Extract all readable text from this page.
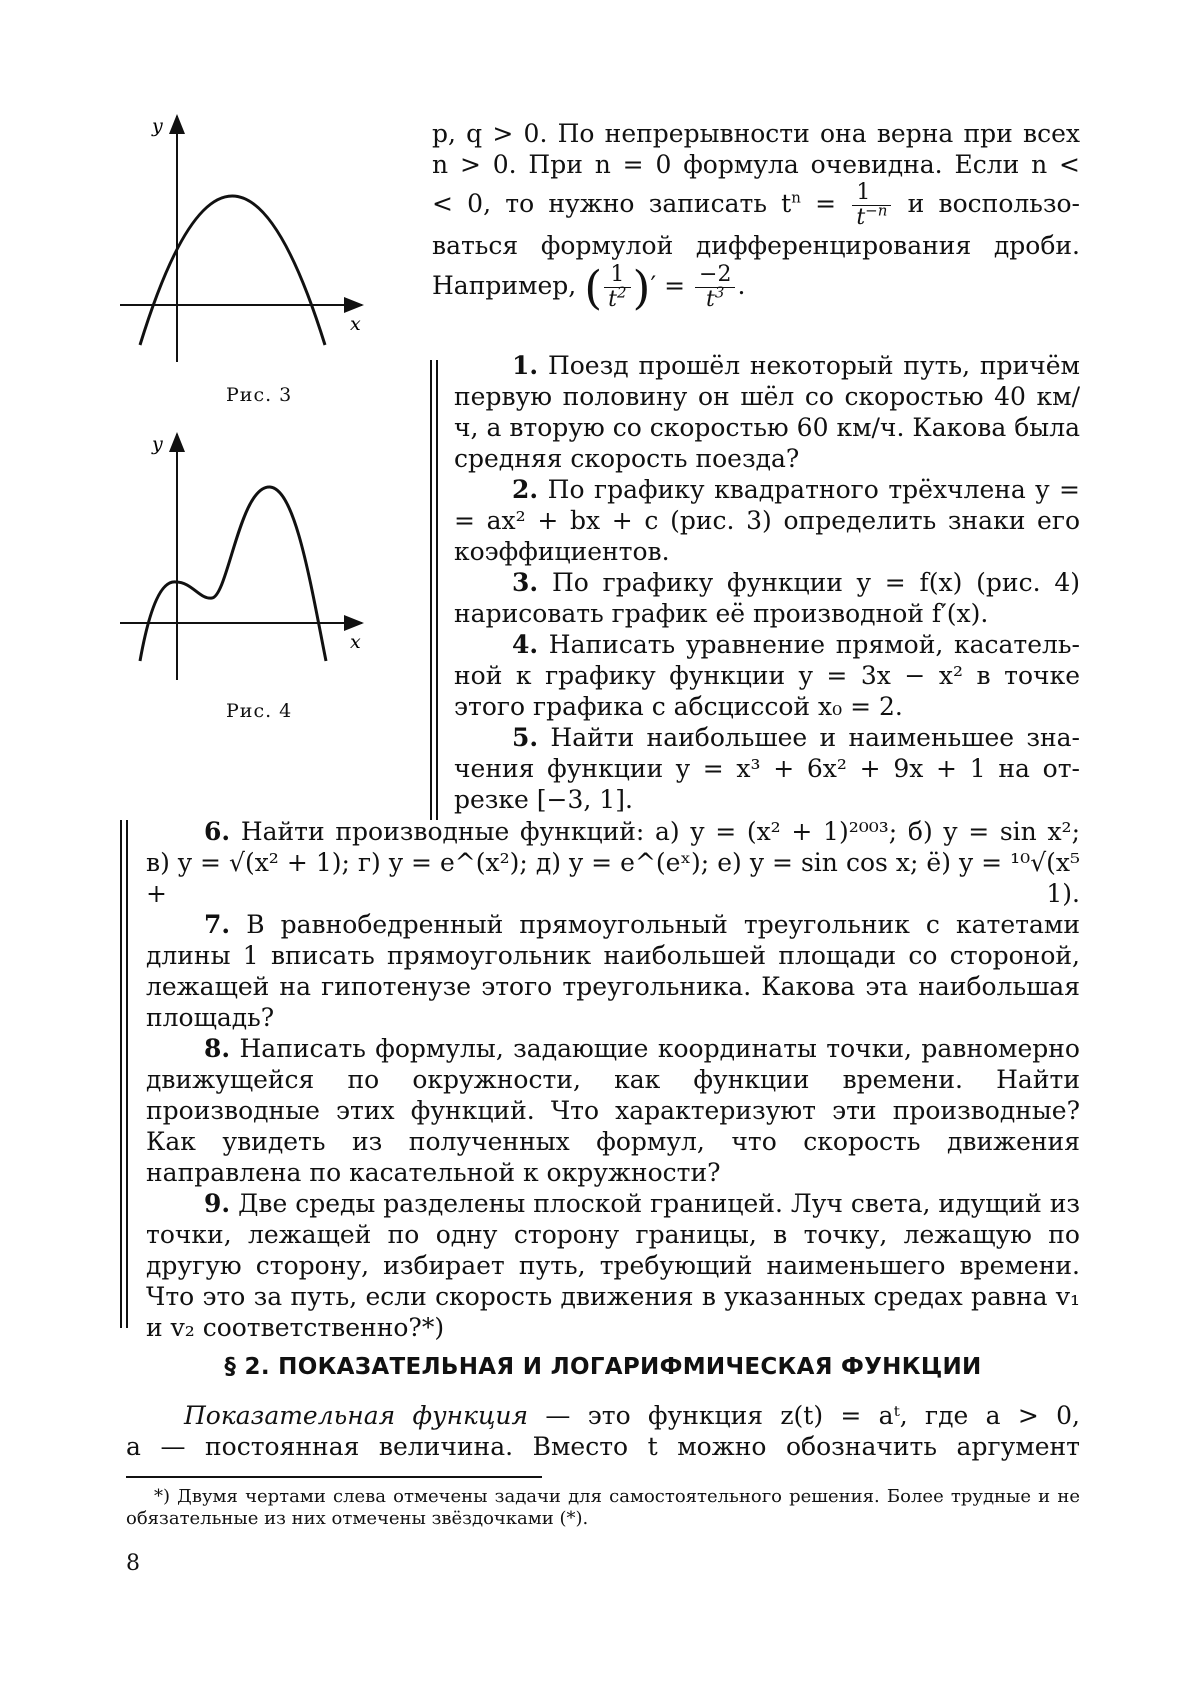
y
x
Рис. 3
y
x
Рис. 4

p, q > 0. По непрерывности она верна при всех

n > 0. При n = 0 формула очевидна. Если n <

< 0, то нужно записать $t^n = \frac{1}{t^{-n}}$ и воспользо-

ваться формулой дифференцирования дроби.

Например, ( $\frac{1}{t^2}$ )′ = $\frac{-2}{t^3}$ .

1. Поезд прошёл некоторый путь, причём первую половину он шёл со скоростью 40 км/ч, а вторую со скоростью 60 км/ч. Какова была средняя скорость поезда?

2. По графику квадратного трёхчлена y =

= ax² + bx + c (рис. 3) определить знаки его

коэффициентов.

3. По графику функции y = f(x) (рис. 4)

нарисовать график её производной f′(x).

4. Написать уравнение прямой, касатель-

ной к графику функции y = 3x − x² в точке

этого графика с абсциссой x₀ = 2.

5. Найти наибольшее и наименьшее зна-

чения функции y = x³ + 6x² + 9x + 1 на от-

резке [−3, 1].

6. Найти производные функций: а) y = (x² + 1)²⁰⁰³; б) y = sin x²;

в) y = √(x² + 1); г) y = e^(x²); д) y = e^(eˣ); е) y = sin cos x; ё) y = ¹⁰√(x⁵ + 1).

7. В равнобедренный прямоугольный треугольник с катетами длины 1 вписать прямоугольник наибольшей площади со стороной, лежащей на гипотенузе этого треугольника. Какова эта наибольшая площадь?

8. Написать формулы, задающие координаты точки, равномерно движущейся по окружности, как функции времени. Найти производные этих функций. Что характеризуют эти производные? Как увидеть из полученных формул, что скорость движения направлена по касательной к окружности?

9. Две среды разделены плоской границей. Луч света, идущий из точки, лежащей по одну сторону границы, в точку, лежащую по другую сторону, избирает путь, требующий наименьшего времени. Что это за путь, если скорость движения в указанных средах равна v₁ и v₂ соответственно?*)

§ 2. ПОКАЗАТЕЛЬНАЯ И ЛОГАРИФМИЧЕСКАЯ ФУНКЦИИ

Показательная функция — это функция z(t) = aᵗ, где a > 0,

a — постоянная величина. Вместо t можно обозначить аргумент

*) Двумя чертами слева отмечены задачи для самостоятельного решения. Более трудные и не обязательные из них отмечены звёздочками (*).

8
